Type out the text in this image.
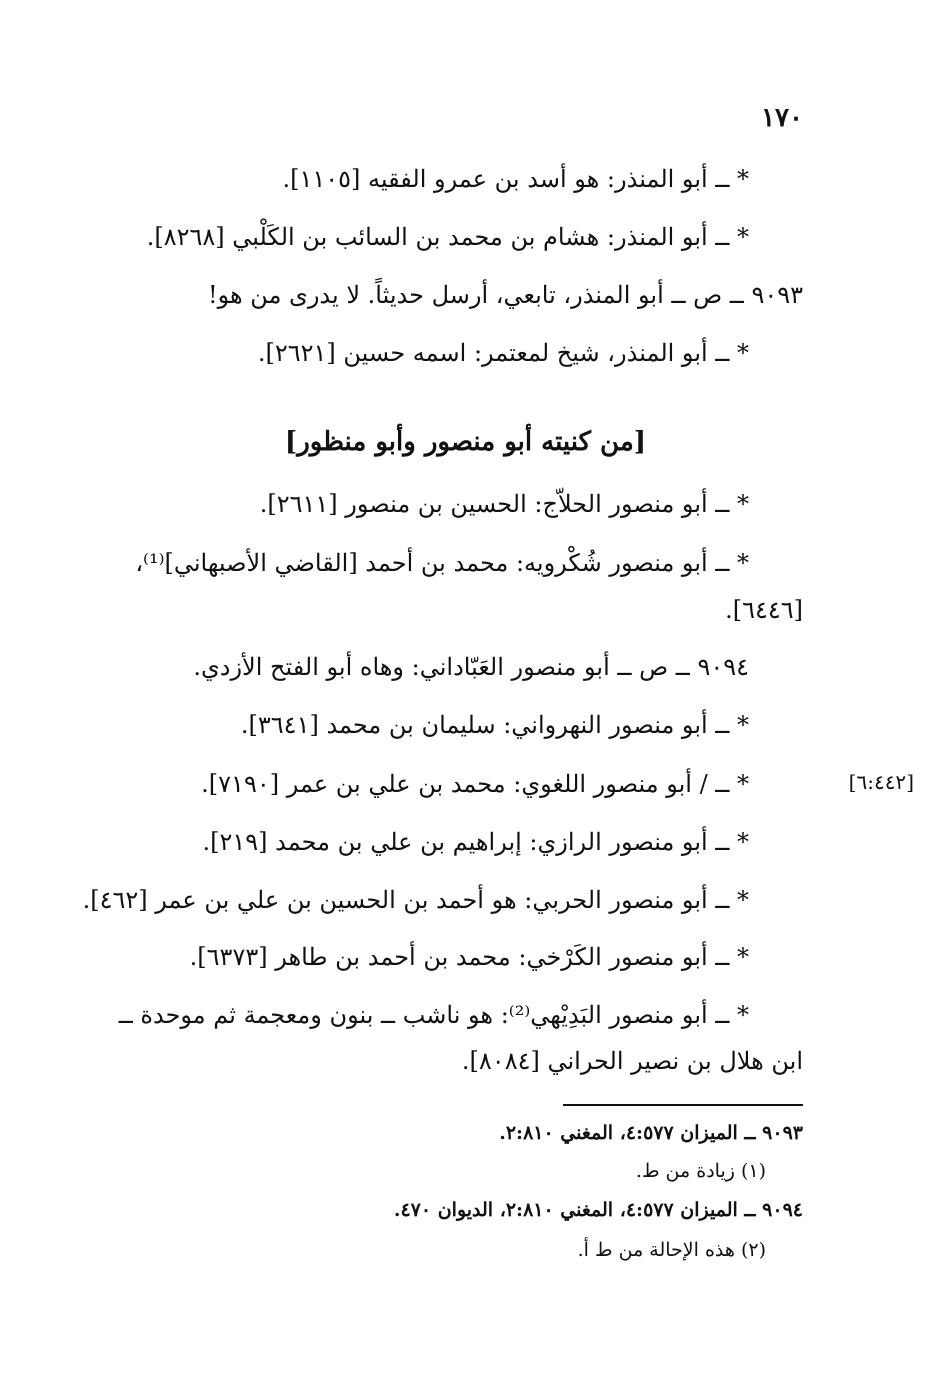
١٧٠
* ــ أبو المنذر: هو أسد بن عمرو الفقيه [١١٠٥].
* ــ أبو المنذر: هشام بن محمد بن السائب بن الكَلْبي [٨٢٦٨].
٩٠٩٣ ــ ص ــ أبو المنذر، تابعي، أرسل حديثاً. لا يدرى من هو!
* ــ أبو المنذر، شيخ لمعتمر: اسمه حسين [٢٦٢١].
[من كنيته أبو منصور وأبو منظور]
* ــ أبو منصور الحلاّج: الحسين بن منصور [٢٦١١].
* ــ أبو منصور شُكْرويه: محمد بن أحمد [القاضي الأصبهاني]⁽¹⁾،
[٦٤٤٦].
٩٠٩٤ ــ ص ــ أبو منصور العَبّاداني: وهاه أبو الفتح الأزدي.
* ــ أبو منصور النهرواني: سليمان بن محمد [٣٦٤١].
* ــ / أبو منصور اللغوي: محمد بن علي بن عمر [٧١٩٠].
* ــ أبو منصور الرازي: إبراهيم بن علي بن محمد [٢١٩].
* ــ أبو منصور الحربي: هو أحمد بن الحسين بن علي بن عمر [٤٦٢].
* ــ أبو منصور الكَرْخي: محمد بن أحمد بن طاهر [٦٣٧٣].
* ــ أبو منصور البَدِيْهي⁽²⁾: هو ناشب ــ بنون ومعجمة ثم موحدة ــ
ابن هلال بن نصير الحراني [٨٠٨٤].
[٦:٤٤٢]
٩٠٩٣ ــ الميزان ٤:٥٧٧، المغني ٢:٨١٠.
(١) زيادة من ط.
٩٠٩٤ ــ الميزان ٤:٥٧٧، المغني ٢:٨١٠، الديوان ٤٧٠.
(٢) هذه الإحالة من ط أ.
